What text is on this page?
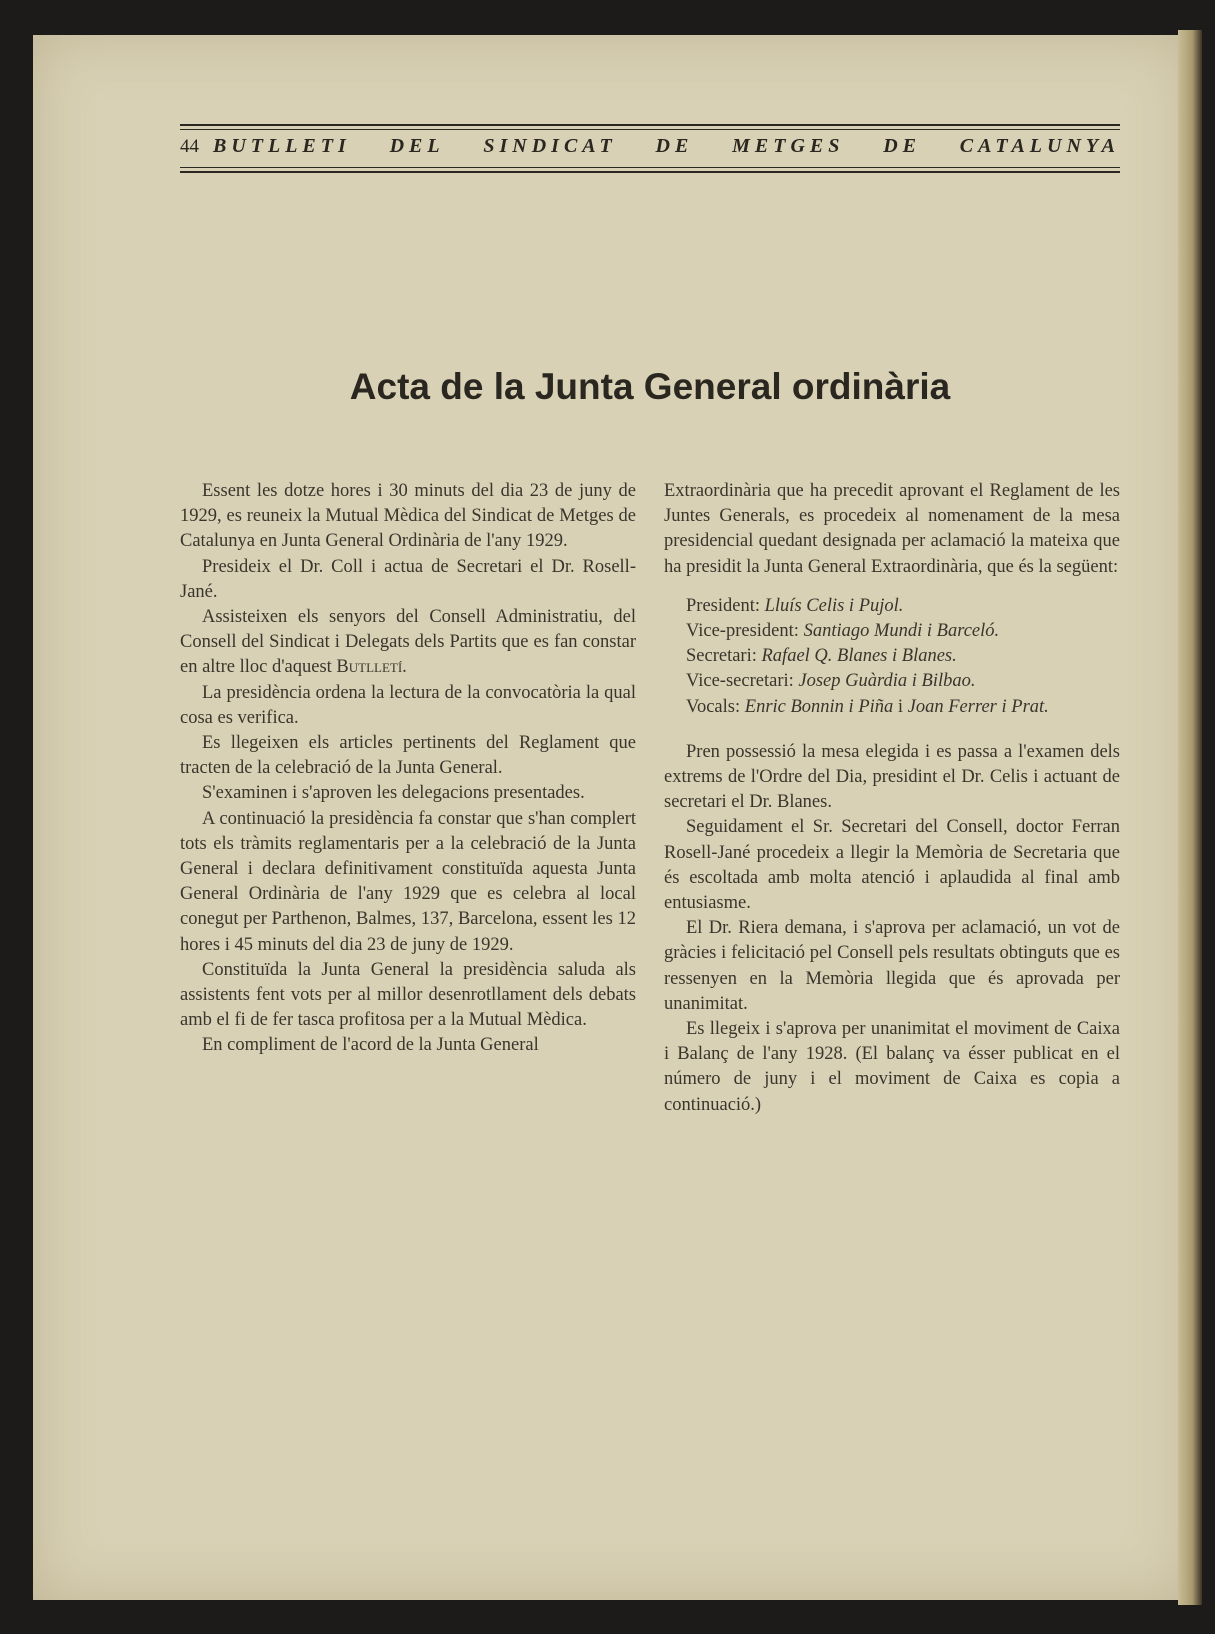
44 BUTLLETI DEL SINDICAT DE METGES DE CATALUNYA
Acta de la Junta General ordinària

Essent les dotze hores i 30 minuts del dia 23 de juny de 1929, es reuneix la Mutual Mèdica del Sindicat de Metges de Catalunya en Junta General Ordinària de l'any 1929.

Presideix el Dr. Coll i actua de Secretari el Dr. Rosell-Jané.

Assisteixen els senyors del Consell Administratiu, del Consell del Sindicat i Delegats dels Partits que es fan constar en altre lloc d'aquest Butlletí.

La presidència ordena la lectura de la convocatòria la qual cosa es verifica.

Es llegeixen els articles pertinents del Reglament que tracten de la celebració de la Junta General.

S'examinen i s'aproven les delegacions presentades.

A continuació la presidència fa constar que s'han complert tots els tràmits reglamentaris per a la celebració de la Junta General i declara definitivament constituïda aquesta Junta General Ordinària de l'any 1929 que es celebra al local conegut per Parthenon, Balmes, 137, Barcelona, essent les 12 hores i 45 minuts del dia 23 de juny de 1929.

Constituïda la Junta General la presidència saluda als assistents fent vots per al millor desenrotllament dels debats amb el fi de fer tasca profitosa per a la Mutual Mèdica.

En compliment de l'acord de la Junta General

Extraordinària que ha precedit aprovant el Reglament de les Juntes Generals, es procedeix al nomenament de la mesa presidencial quedant designada per aclamació la mateixa que ha presidit la Junta General Extraordinària, que és la següent:

President: Lluís Celis i Pujol.
Vice-president: Santiago Mundi i Barceló.
Secretari: Rafael Q. Blanes i Blanes.
Vice-secretari: Josep Guàrdia i Bilbao.
Vocals: Enric Bonnin i Piña i Joan Ferrer i Prat.

Pren possessió la mesa elegida i es passa a l'examen dels extrems de l'Ordre del Dia, presidint el Dr. Celis i actuant de secretari el Dr. Blanes.

Seguidament el Sr. Secretari del Consell, doctor Ferran Rosell-Jané procedeix a llegir la Memòria de Secretaria que és escoltada amb molta atenció i aplaudida al final amb entusiasme.

El Dr. Riera demana, i s'aprova per aclamació, un vot de gràcies i felicitació pel Consell pels resultats obtinguts que es ressenyen en la Memòria llegida que és aprovada per unanimitat.

Es llegeix i s'aprova per unanimitat el moviment de Caixa i Balanç de l'any 1928. (El balanç va ésser publicat en el número de juny i el moviment de Caixa es copia a continuació.)
